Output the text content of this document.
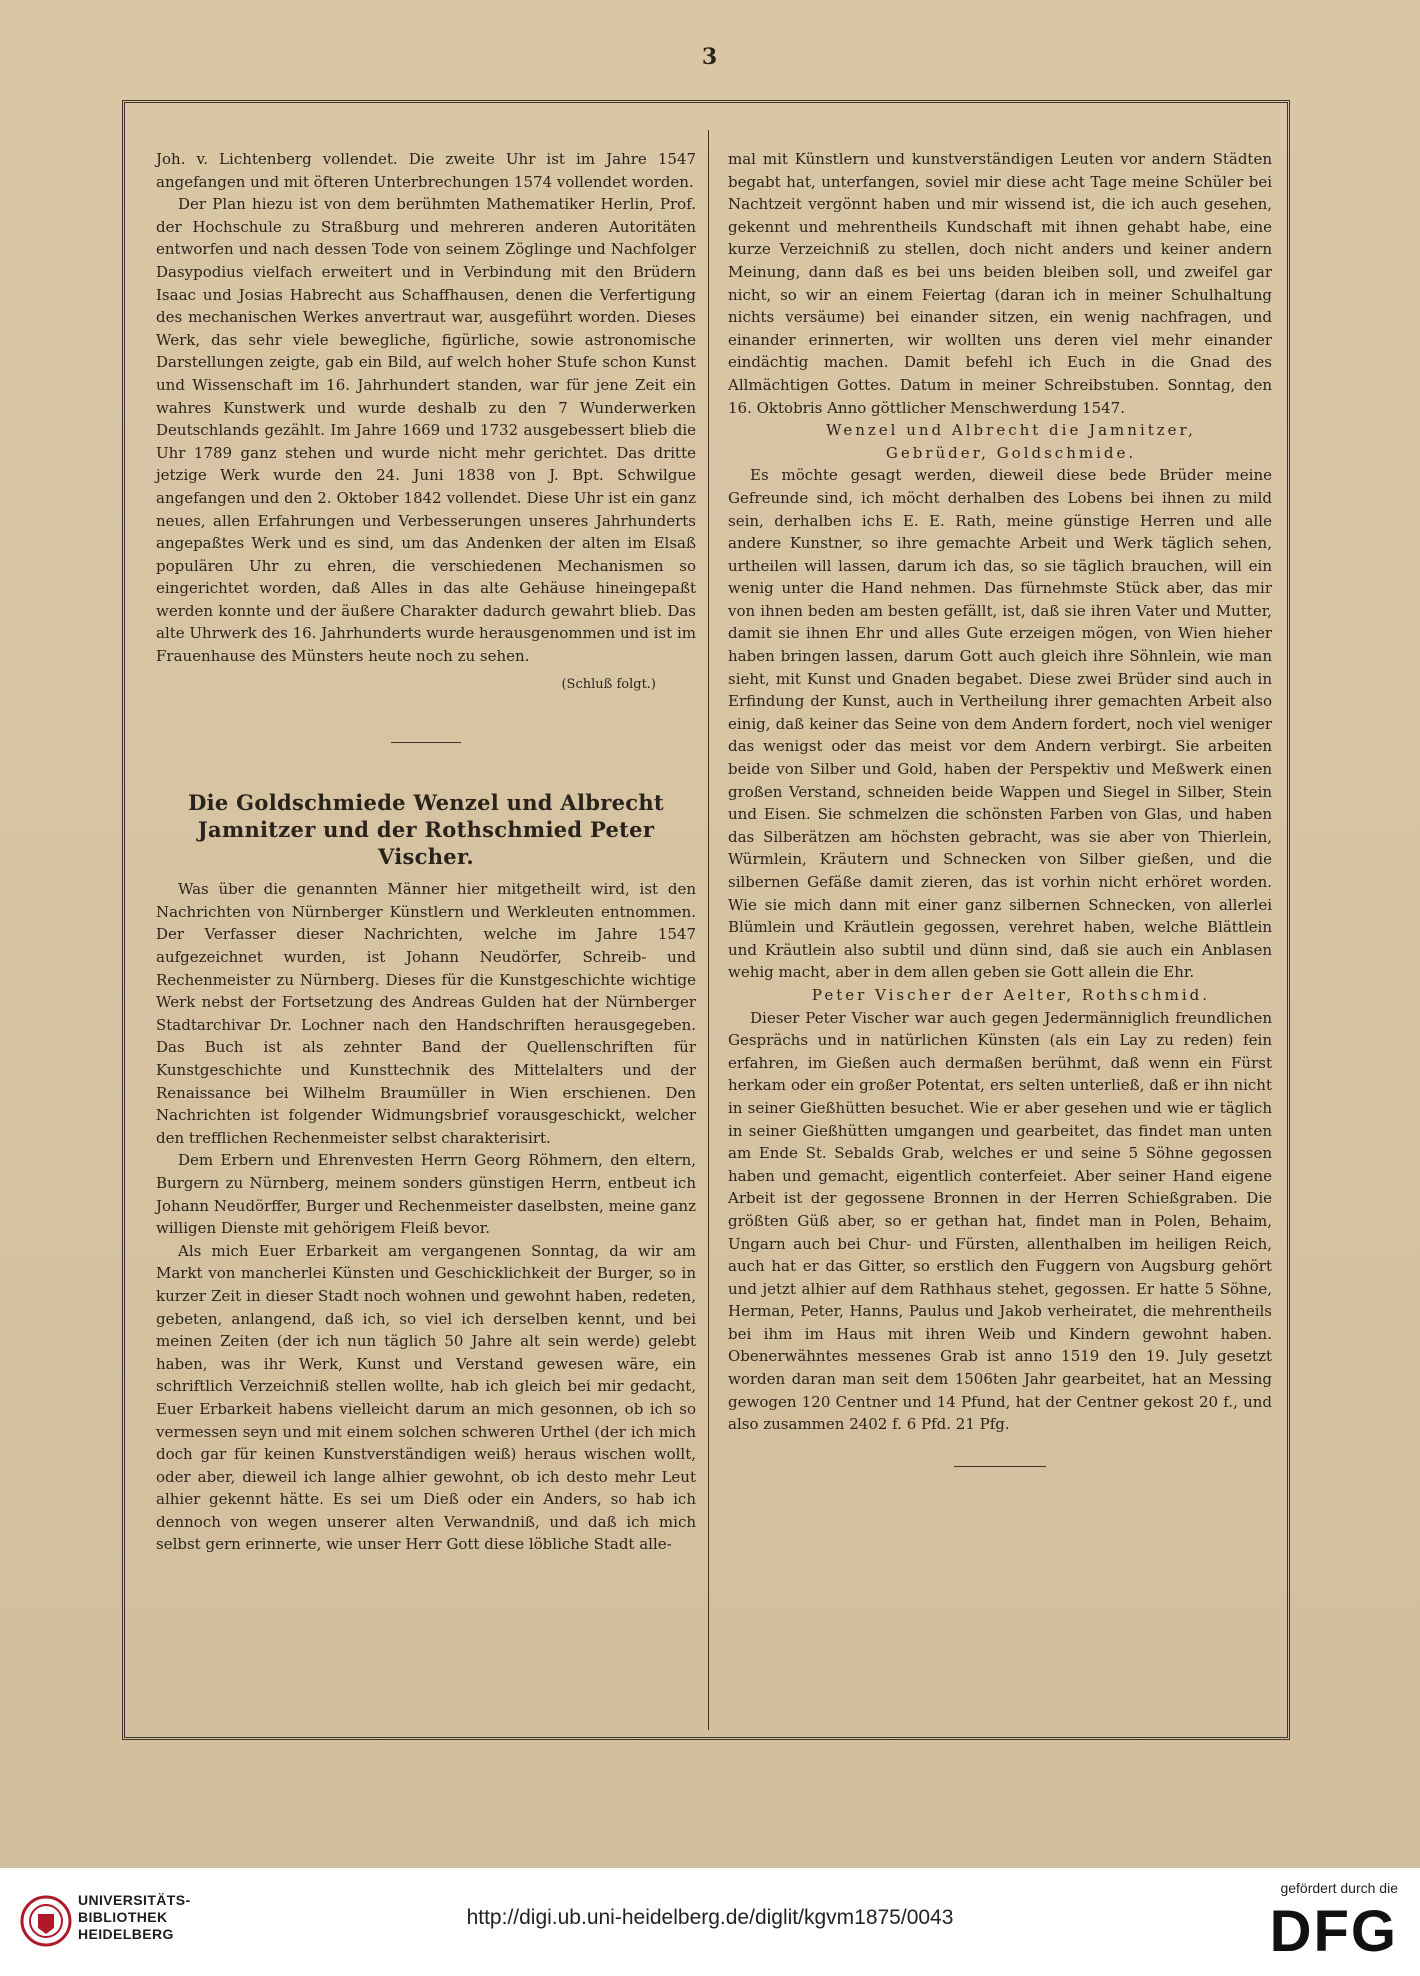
3

Joh. v. Lichtenberg vollendet. Die zweite Uhr ist im Jahre 1547 angefangen und mit öfteren Unterbrechungen 1574 vollendet worden.

Der Plan hiezu ist von dem berühmten Mathematiker Herlin, Prof. der Hochschule zu Straßburg und mehreren anderen Autoritäten entworfen und nach dessen Tode von seinem Zöglinge und Nachfolger Dasypodius vielfach erweitert und in Verbindung mit den Brüdern Isaac und Josias Habrecht aus Schaffhausen, denen die Verfertigung des mechanischen Werkes anvertraut war, ausgeführt worden. Dieses Werk, das sehr viele bewegliche, figürliche, sowie astronomische Darstellungen zeigte, gab ein Bild, auf welch hoher Stufe schon Kunst und Wissenschaft im 16. Jahrhundert standen, war für jene Zeit ein wahres Kunstwerk und wurde deshalb zu den 7 Wunderwerken Deutschlands gezählt. Im Jahre 1669 und 1732 ausgebessert blieb die Uhr 1789 ganz stehen und wurde nicht mehr gerichtet. Das dritte jetzige Werk wurde den 24. Juni 1838 von J. Bpt. Schwilgue angefangen und den 2. Oktober 1842 vollendet. Diese Uhr ist ein ganz neues, allen Erfahrungen und Verbesserungen unseres Jahrhunderts angepaßtes Werk und es sind, um das Andenken der alten im Elsaß populären Uhr zu ehren, die verschiedenen Mechanismen so eingerichtet worden, daß Alles in das alte Gehäuse hineingepaßt werden konnte und der äußere Charakter dadurch gewahrt blieb. Das alte Uhrwerk des 16. Jahrhunderts wurde herausgenommen und ist im Frauenhause des Münsters heute noch zu sehen.

(Schluß folgt.)
Die Goldschmiede Wenzel und Albrecht Jamnitzer und der Rothschmied Peter Vischer.

Was über die genannten Männer hier mitgetheilt wird, ist den Nachrichten von Nürnberger Künstlern und Werkleuten entnommen. Der Verfasser dieser Nachrichten, welche im Jahre 1547 aufgezeichnet wurden, ist Johann Neudörfer, Schreib- und Rechenmeister zu Nürnberg. Dieses für die Kunstgeschichte wichtige Werk nebst der Fortsetzung des Andreas Gulden hat der Nürnberger Stadtarchivar Dr. Lochner nach den Handschriften herausgegeben. Das Buch ist als zehnter Band der Quellenschriften für Kunstgeschichte und Kunsttechnik des Mittelalters und der Renaissance bei Wilhelm Braumüller in Wien erschienen. Den Nachrichten ist folgender Widmungsbrief vorausgeschickt, welcher den trefflichen Rechenmeister selbst charakterisirt.

Dem Erbern und Ehrenvesten Herrn Georg Röhmern, den eltern, Burgern zu Nürnberg, meinem sonders günstigen Herrn, entbeut ich Johann Neudörffer, Burger und Rechenmeister daselbsten, meine ganz willigen Dienste mit gehörigem Fleiß bevor.

Als mich Euer Erbarkeit am vergangenen Sonntag, da wir am Markt von mancherlei Künsten und Geschicklichkeit der Burger, so in kurzer Zeit in dieser Stadt noch wohnen und gewohnt haben, redeten, gebeten, anlangend, daß ich, so viel ich derselben kennt, und bei meinen Zeiten (der ich nun täglich 50 Jahre alt sein werde) gelebt haben, was ihr Werk, Kunst und Verstand gewesen wäre, ein schriftlich Verzeichniß stellen wollte, hab ich gleich bei mir gedacht, Euer Erbarkeit habens vielleicht darum an mich gesonnen, ob ich so vermessen seyn und mit einem solchen schweren Urthel (der ich mich doch gar für keinen Kunstverständigen weiß) heraus wischen wollt, oder aber, dieweil ich lange alhier gewohnt, ob ich desto mehr Leut alhier gekennt hätte. Es sei um Dieß oder ein Anders, so hab ich dennoch von wegen unserer alten Verwandniß, und daß ich mich selbst gern erinnerte, wie unser Herr Gott diese löbliche Stadt alle-

mal mit Künstlern und kunstverständigen Leuten vor andern Städten begabt hat, unterfangen, soviel mir diese acht Tage meine Schüler bei Nachtzeit vergönnt haben und mir wissend ist, die ich auch gesehen, gekennt und mehrentheils Kundschaft mit ihnen gehabt habe, eine kurze Verzeichniß zu stellen, doch nicht anders und keiner andern Meinung, dann daß es bei uns beiden bleiben soll, und zweifel gar nicht, so wir an einem Feiertag (daran ich in meiner Schulhaltung nichts versäume) bei einander sitzen, ein wenig nachfragen, und einander erinnerten, wir wollten uns deren viel mehr einander eindächtig machen. Damit befehl ich Euch in die Gnad des Allmächtigen Gottes. Datum in meiner Schreibstuben. Sonntag, den 16. Oktobris Anno göttlicher Menschwerdung 1547.

Wenzel und Albrecht die Jamnitzer,

Gebrüder, Goldschmide.

Es möchte gesagt werden, dieweil diese bede Brüder meine Gefreunde sind, ich möcht derhalben des Lobens bei ihnen zu mild sein, derhalben ichs E. E. Rath, meine günstige Herren und alle andere Kunstner, so ihre gemachte Arbeit und Werk täglich sehen, urtheilen will lassen, darum ich das, so sie täglich brauchen, will ein wenig unter die Hand nehmen. Das fürnehmste Stück aber, das mir von ihnen beden am besten gefällt, ist, daß sie ihren Vater und Mutter, damit sie ihnen Ehr und alles Gute erzeigen mögen, von Wien hieher haben bringen lassen, darum Gott auch gleich ihre Söhnlein, wie man sieht, mit Kunst und Gnaden begabet. Diese zwei Brüder sind auch in Erfindung der Kunst, auch in Vertheilung ihrer gemachten Arbeit also einig, daß keiner das Seine von dem Andern fordert, noch viel weniger das wenigst oder das meist vor dem Andern verbirgt. Sie arbeiten beide von Silber und Gold, haben der Perspektiv und Meßwerk einen großen Verstand, schneiden beide Wappen und Siegel in Silber, Stein und Eisen. Sie schmelzen die schönsten Farben von Glas, und haben das Silberätzen am höchsten gebracht, was sie aber von Thierlein, Würmlein, Kräutern und Schnecken von Silber gießen, und die silbernen Gefäße damit zieren, das ist vorhin nicht erhöret worden. Wie sie mich dann mit einer ganz silbernen Schnecken, von allerlei Blümlein und Kräutlein gegossen, verehret haben, welche Blättlein und Kräutlein also subtil und dünn sind, daß sie auch ein Anblasen wehig macht, aber in dem allen geben sie Gott allein die Ehr.

Peter Vischer der Aelter, Rothschmid.

Dieser Peter Vischer war auch gegen Jedermänniglich freundlichen Gesprächs und in natürlichen Künsten (als ein Lay zu reden) fein erfahren, im Gießen auch dermaßen berühmt, daß wenn ein Fürst herkam oder ein großer Potentat, ers selten unterließ, daß er ihn nicht in seiner Gießhütten besuchet. Wie er aber gesehen und wie er täglich in seiner Gießhütten umgangen und gearbeitet, das findet man unten am Ende St. Sebalds Grab, welches er und seine 5 Söhne gegossen haben und gemacht, eigentlich conterfeiet. Aber seiner Hand eigene Arbeit ist der gegossene Bronnen in der Herren Schießgraben. Die größten Güß aber, so er gethan hat, findet man in Polen, Behaim, Ungarn auch bei Chur- und Fürsten, allenthalben im heiligen Reich, auch hat er das Gitter, so erstlich den Fuggern von Augsburg gehört und jetzt alhier auf dem Rathhaus stehet, gegossen. Er hatte 5 Söhne, Herman, Peter, Hanns, Paulus und Jakob verheiratet, die mehrentheils bei ihm im Haus mit ihren Weib und Kindern gewohnt haben. Obenerwähntes messenes Grab ist anno 1519 den 19. July gesetzt worden daran man seit dem 1506ten Jahr gearbeitet, hat an Messing gewogen 120 Centner und 14 Pfund, hat der Centner gekost 20 f., und also zusammen 2402 f. 6 Pfd. 21 Pfg.

UNIVERSITÄTS-
BIBLIOTHEK
HEIDELBERG
http://digi.ub.uni-heidelberg.de/diglit/kgvm1875/0043
gefördert durch die
DFG
